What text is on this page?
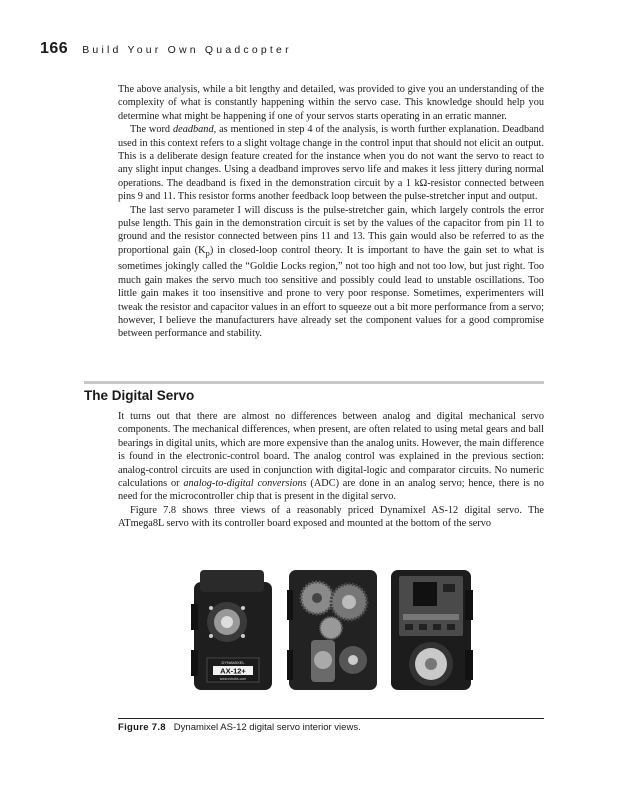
166 Build Your Own Quadcopter

The above analysis, while a bit lengthy and detailed, was provided to give you an understanding of the complexity of what is constantly happening within the servo case. This knowledge should help you determine what might be happening if one of your servos starts operating in an erratic manner.

The word deadband, as mentioned in step 4 of the analysis, is worth further explanation. Deadband used in this context refers to a slight voltage change in the control input that should not elicit an output. This is a deliberate design feature created for the instance when you do not want the servo to react to any slight input changes. Using a deadband improves servo life and makes it less jittery during normal operations. The deadband is fixed in the demonstration circuit by a 1 kΩ-resistor connected between pins 9 and 11. This resistor forms another feedback loop between the pulse-stretcher input and output.

The last servo parameter I will discuss is the pulse-stretcher gain, which largely controls the error pulse length. This gain in the demonstration circuit is set by the values of the capacitor from pin 11 to ground and the resistor connected between pins 11 and 13. This gain would also be referred to as the proportional gain $(K_p)$ in closed-loop control theory. It is important to have the gain set to what is sometimes jokingly called the “Goldie Locks region,” not too high and not too low, but just right. Too much gain makes the servo much too sensitive and possibly could lead to unstable oscillations. Too little gain makes it too insensitive and prone to very poor response. Sometimes, experimenters will tweak the resistor and capacitor values in an effort to squeeze out a bit more performance from a servo; however, I believe the manufacturers have already set the component values for a good compromise between performance and stability.

The Digital Servo

It turns out that there are almost no differences between analog and digital mechanical servo components. The mechanical differences, when present, are often related to using metal gears and ball bearings in digital units, which are more expensive than the analog units. However, the main difference is found in the electronic-control board. The analog control was explained in the previous section: analog-control circuits are used in conjunction with digital-logic and comparator circuits. No numeric calculations or analog-to-digital conversions (ADC) are done in an analog servo; hence, there is no need for the microcontroller chip that is present in the digital servo.

Figure 7.8 shows three views of a reasonably priced Dynamixel AS-12 digital servo. The ATmega8L servo with its controller board exposed and mounted at the bottom of the servo

DYNAMIXEL
AX-12+
www.robotis.com
Figure 7.8 Dynamixel AS-12 digital servo interior views.
